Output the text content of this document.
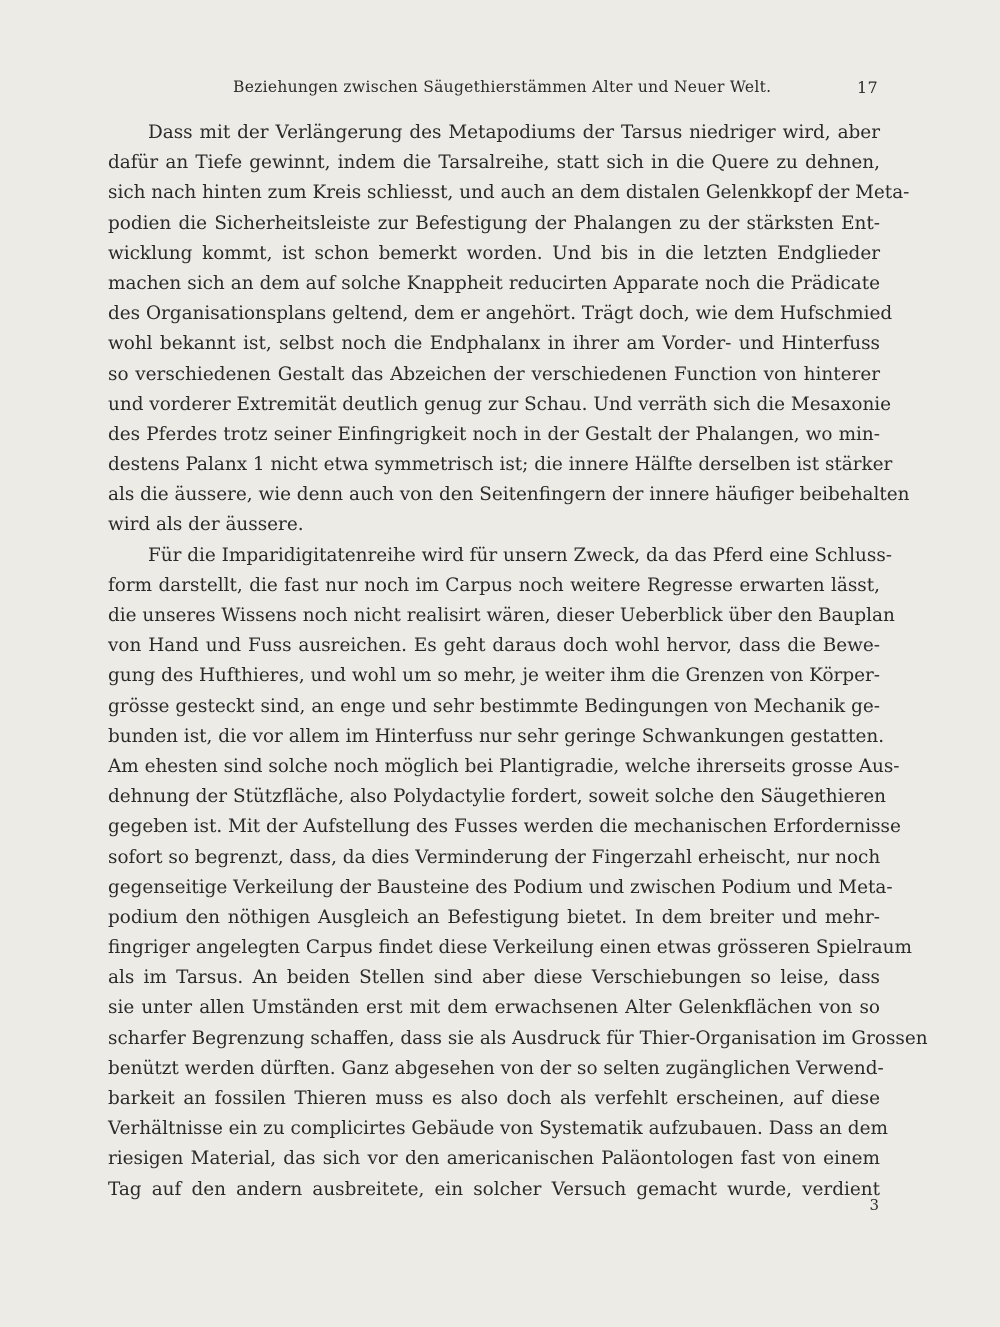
Beziehungen zwischen Säugethierstämmen Alter und Neuer Welt.	17
Dass mit der Verlängerung des Metapodiums der Tarsus niedriger wird, aber
dafür an Tiefe gewinnt, indem die Tarsalreihe, statt sich in die Quere zu dehnen,
sich nach hinten zum Kreis schliesst, und auch an dem distalen Gelenkkopf der Meta-
podien die Sicherheitsleiste zur Befestigung der Phalangen zu der stärksten Ent-
wicklung kommt, ist schon bemerkt worden. Und bis in die letzten Endglieder
machen sich an dem auf solche Knappheit reducirten Apparate noch die Prädicate
des Organisationsplans geltend, dem er angehört. Trägt doch, wie dem Hufschmied
wohl bekannt ist, selbst noch die Endphalanx in ihrer am Vorder- und Hinterfuss
so verschiedenen Gestalt das Abzeichen der verschiedenen Function von hinterer
und vorderer Extremität deutlich genug zur Schau. Und verräth sich die Mesaxonie
des Pferdes trotz seiner Einfingrigkeit noch in der Gestalt der Phalangen, wo min-
destens Palanx 1 nicht etwa symmetrisch ist; die innere Hälfte derselben ist stärker
als die äussere, wie denn auch von den Seitenfingern der innere häufiger beibehalten
wird als der äussere.
Für die Imparidigitatenreihe wird für unsern Zweck, da das Pferd eine Schluss-
form darstellt, die fast nur noch im Carpus noch weitere Regresse erwarten lässt,
die unseres Wissens noch nicht realisirt wären, dieser Ueberblick über den Bauplan
von Hand und Fuss ausreichen. Es geht daraus doch wohl hervor, dass die Bewe-
gung des Hufthieres, und wohl um so mehr, je weiter ihm die Grenzen von Körper-
grösse gesteckt sind, an enge und sehr bestimmte Bedingungen von Mechanik ge-
bunden ist, die vor allem im Hinterfuss nur sehr geringe Schwankungen gestatten.
Am ehesten sind solche noch möglich bei Plantigradie, welche ihrerseits grosse Aus-
dehnung der Stützfläche, also Polydactylie fordert, soweit solche den Säugethieren
gegeben ist. Mit der Aufstellung des Fusses werden die mechanischen Erfordernisse
sofort so begrenzt, dass, da dies Verminderung der Fingerzahl erheischt, nur noch
gegenseitige Verkeilung der Bausteine des Podium und zwischen Podium und Meta-
podium den nöthigen Ausgleich an Befestigung bietet. In dem breiter und mehr-
fingriger angelegten Carpus findet diese Verkeilung einen etwas grösseren Spielraum
als im Tarsus. An beiden Stellen sind aber diese Verschiebungen so leise, dass
sie unter allen Umständen erst mit dem erwachsenen Alter Gelenkflächen von so
scharfer Begrenzung schaffen, dass sie als Ausdruck für Thier-Organisation im Grossen
benützt werden dürften. Ganz abgesehen von der so selten zugänglichen Verwend-
barkeit an fossilen Thieren muss es also doch als verfehlt erscheinen, auf diese
Verhältnisse ein zu complicirtes Gebäude von Systematik aufzubauen. Dass an dem
riesigen Material, das sich vor den americanischen Paläontologen fast von einem
Tag auf den andern ausbreitete, ein solcher Versuch gemacht wurde, verdient
3
